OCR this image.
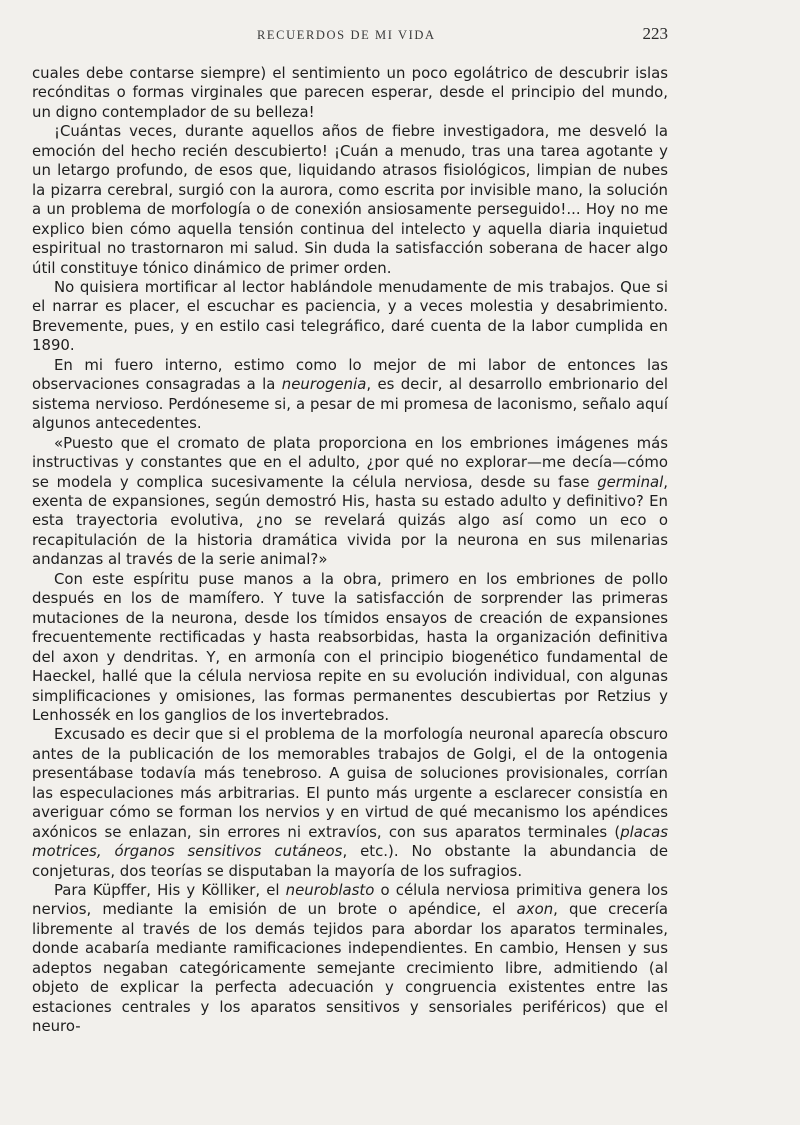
RECUERDOS DE MI VIDA	223

cuales debe contarse siempre) el sentimiento un poco egolátrico de descubrir islas recónditas o formas virginales que parecen esperar, desde el principio del mundo, un digno contemplador de su belleza!

¡Cuántas veces, durante aquellos años de fiebre investigadora, me desveló la emoción del hecho recién descubierto! ¡Cuán a menudo, tras una tarea agotante y un letargo profundo, de esos que, liquidando atrasos fisiológicos, limpian de nubes la pizarra cerebral, surgió con la aurora, como escrita por invisible mano, la solución a un problema de morfología o de conexión ansiosamente perseguido!... Hoy no me explico bien cómo aquella tensión continua del intelecto y aquella diaria inquietud espiritual no trastornaron mi salud. Sin duda la satisfacción soberana de hacer algo útil constituye tónico dinámico de primer orden.

No quisiera mortificar al lector hablándole menudamente de mis trabajos. Que si el narrar es placer, el escuchar es paciencia, y a veces molestia y desabrimiento. Brevemente, pues, y en estilo casi telegráfico, daré cuenta de la labor cumplida en 1890.

En mi fuero interno, estimo como lo mejor de mi labor de entonces las observaciones consagradas a la neurogenia, es decir, al desarrollo embrionario del sistema nervioso. Perdóneseme si, a pesar de mi promesa de laconismo, señalo aquí algunos antecedentes.

«Puesto que el cromato de plata proporciona en los embriones imágenes más instructivas y constantes que en el adulto, ¿por qué no explorar—me decía—cómo se modela y complica sucesivamente la célula nerviosa, desde su fase germinal, exenta de expansiones, según demostró His, hasta su estado adulto y definitivo? En esta trayectoria evolutiva, ¿no se revelará quizás algo así como un eco o recapitulación de la historia dramática vivida por la neurona en sus milenarias andanzas al través de la serie animal?»

Con este espíritu puse manos a la obra, primero en los embriones de pollo después en los de mamífero. Y tuve la satisfacción de sorprender las primeras mutaciones de la neurona, desde los tímidos ensayos de creación de expansiones frecuentemente rectificadas y hasta reabsorbidas, hasta la organización definitiva del axon y dendritas. Y, en armonía con el principio biogenético fundamental de Haeckel, hallé que la célula nerviosa repite en su evolución individual, con algunas simplificaciones y omisiones, las formas permanentes descubiertas por Retzius y Lenhossék en los ganglios de los invertebrados.

Excusado es decir que si el problema de la morfología neuronal aparecía obscuro antes de la publicación de los memorables trabajos de Golgi, el de la ontogenia presentábase todavía más tenebroso. A guisa de soluciones provisionales, corrían las especulaciones más arbitrarias. El punto más urgente a esclarecer consistía en averiguar cómo se forman los nervios y en virtud de qué mecanismo los apéndices axónicos se enlazan, sin errores ni extravíos, con sus aparatos terminales (placas motrices, órganos sensitivos cutáneos, etc.). No obstante la abundancia de conjeturas, dos teorías se disputaban la mayoría de los sufragios.

Para Küpffer, His y Kölliker, el neuroblasto o célula nerviosa primitiva genera los nervios, mediante la emisión de un brote o apéndice, el axon, que crecería libremente al través de los demás tejidos para abordar los aparatos terminales, donde acabaría mediante ramificaciones independientes. En cambio, Hensen y sus adeptos negaban categóricamente semejante crecimiento libre, admitiendo (al objeto de explicar la perfecta adecuación y congruencia existentes entre las estaciones centrales y los aparatos sensitivos y sensoriales periféricos) que el neuro-
